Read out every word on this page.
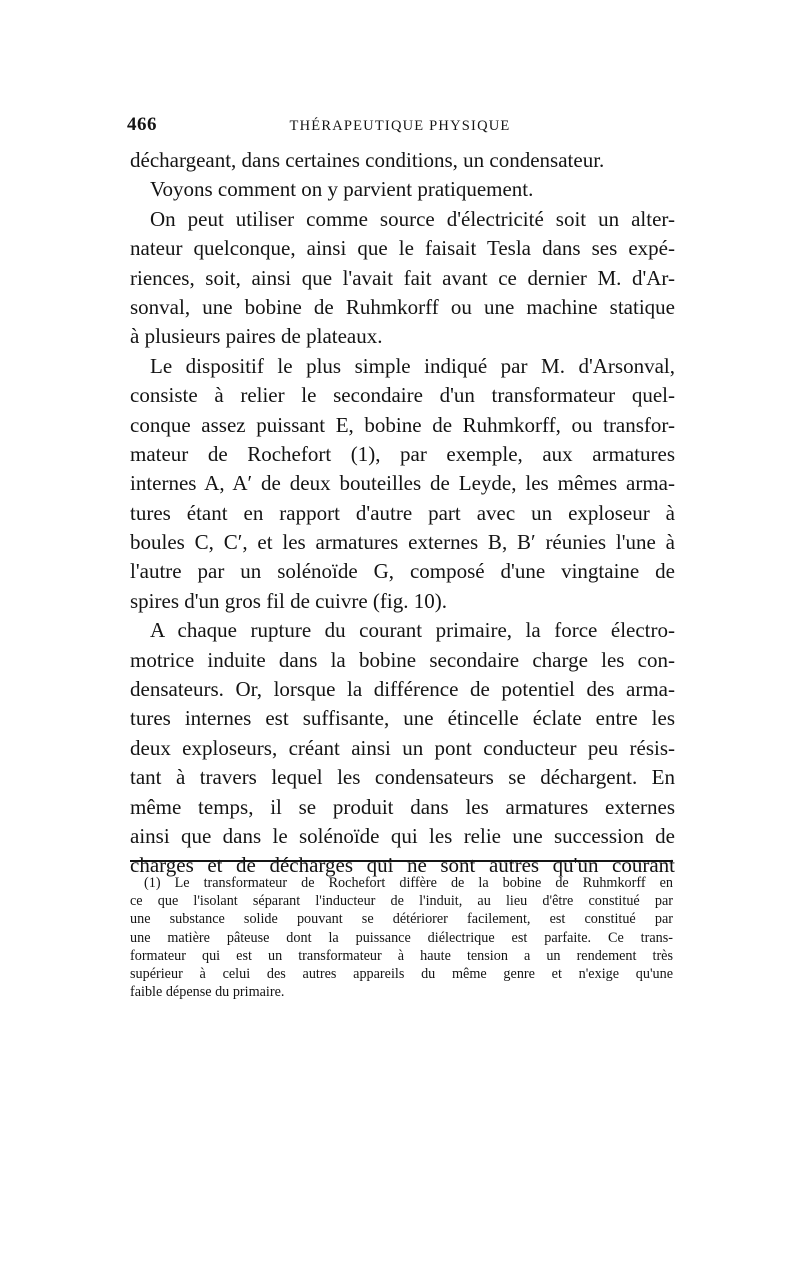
466	THÉRAPEUTIQUE PHYSIQUE
déchargeant, dans certaines conditions, un condensateur.
Voyons comment on y parvient pratiquement.
On peut utiliser comme source d'électricité soit un alter-
nateur quelconque, ainsi que le faisait Tesla dans ses expé-
riences, soit, ainsi que l'avait fait avant ce dernier M. d'Ar-
sonval, une bobine de Ruhmkorff ou une machine statique
à plusieurs paires de plateaux.
Le dispositif le plus simple indiqué par M. d'Arsonval,
consiste à relier le secondaire d'un transformateur quel-
conque assez puissant E, bobine de Ruhmkorff, ou transfor-
mateur de Rochefort (1), par exemple, aux armatures
internes A, A′ de deux bouteilles de Leyde, les mêmes arma-
tures étant en rapport d'autre part avec un exploseur à
boules C, C′, et les armatures externes B, B′ réunies l'une à
l'autre par un solénoïde G, composé d'une vingtaine de
spires d'un gros fil de cuivre (fig. 10).
A chaque rupture du courant primaire, la force électro-
motrice induite dans la bobine secondaire charge les con-
densateurs. Or, lorsque la différence de potentiel des arma-
tures internes est suffisante, une étincelle éclate entre les
deux exploseurs, créant ainsi un pont conducteur peu résis-
tant à travers lequel les condensateurs se déchargent. En
même temps, il se produit dans les armatures externes
ainsi que dans le solénoïde qui les relie une succession de
charges et de décharges qui ne sont autres qu'un courant
(1) Le transformateur de Rochefort diffère de la bobine de Ruhmkorff en
ce que l'isolant séparant l'inducteur de l'induit, au lieu d'être constitué par
une substance solide pouvant se détériorer facilement, est constitué par
une matière pâteuse dont la puissance diélectrique est parfaite. Ce trans-
formateur qui est un transformateur à haute tension a un rendement très
supérieur à celui des autres appareils du même genre et n'exige qu'une
faible dépense du primaire.
